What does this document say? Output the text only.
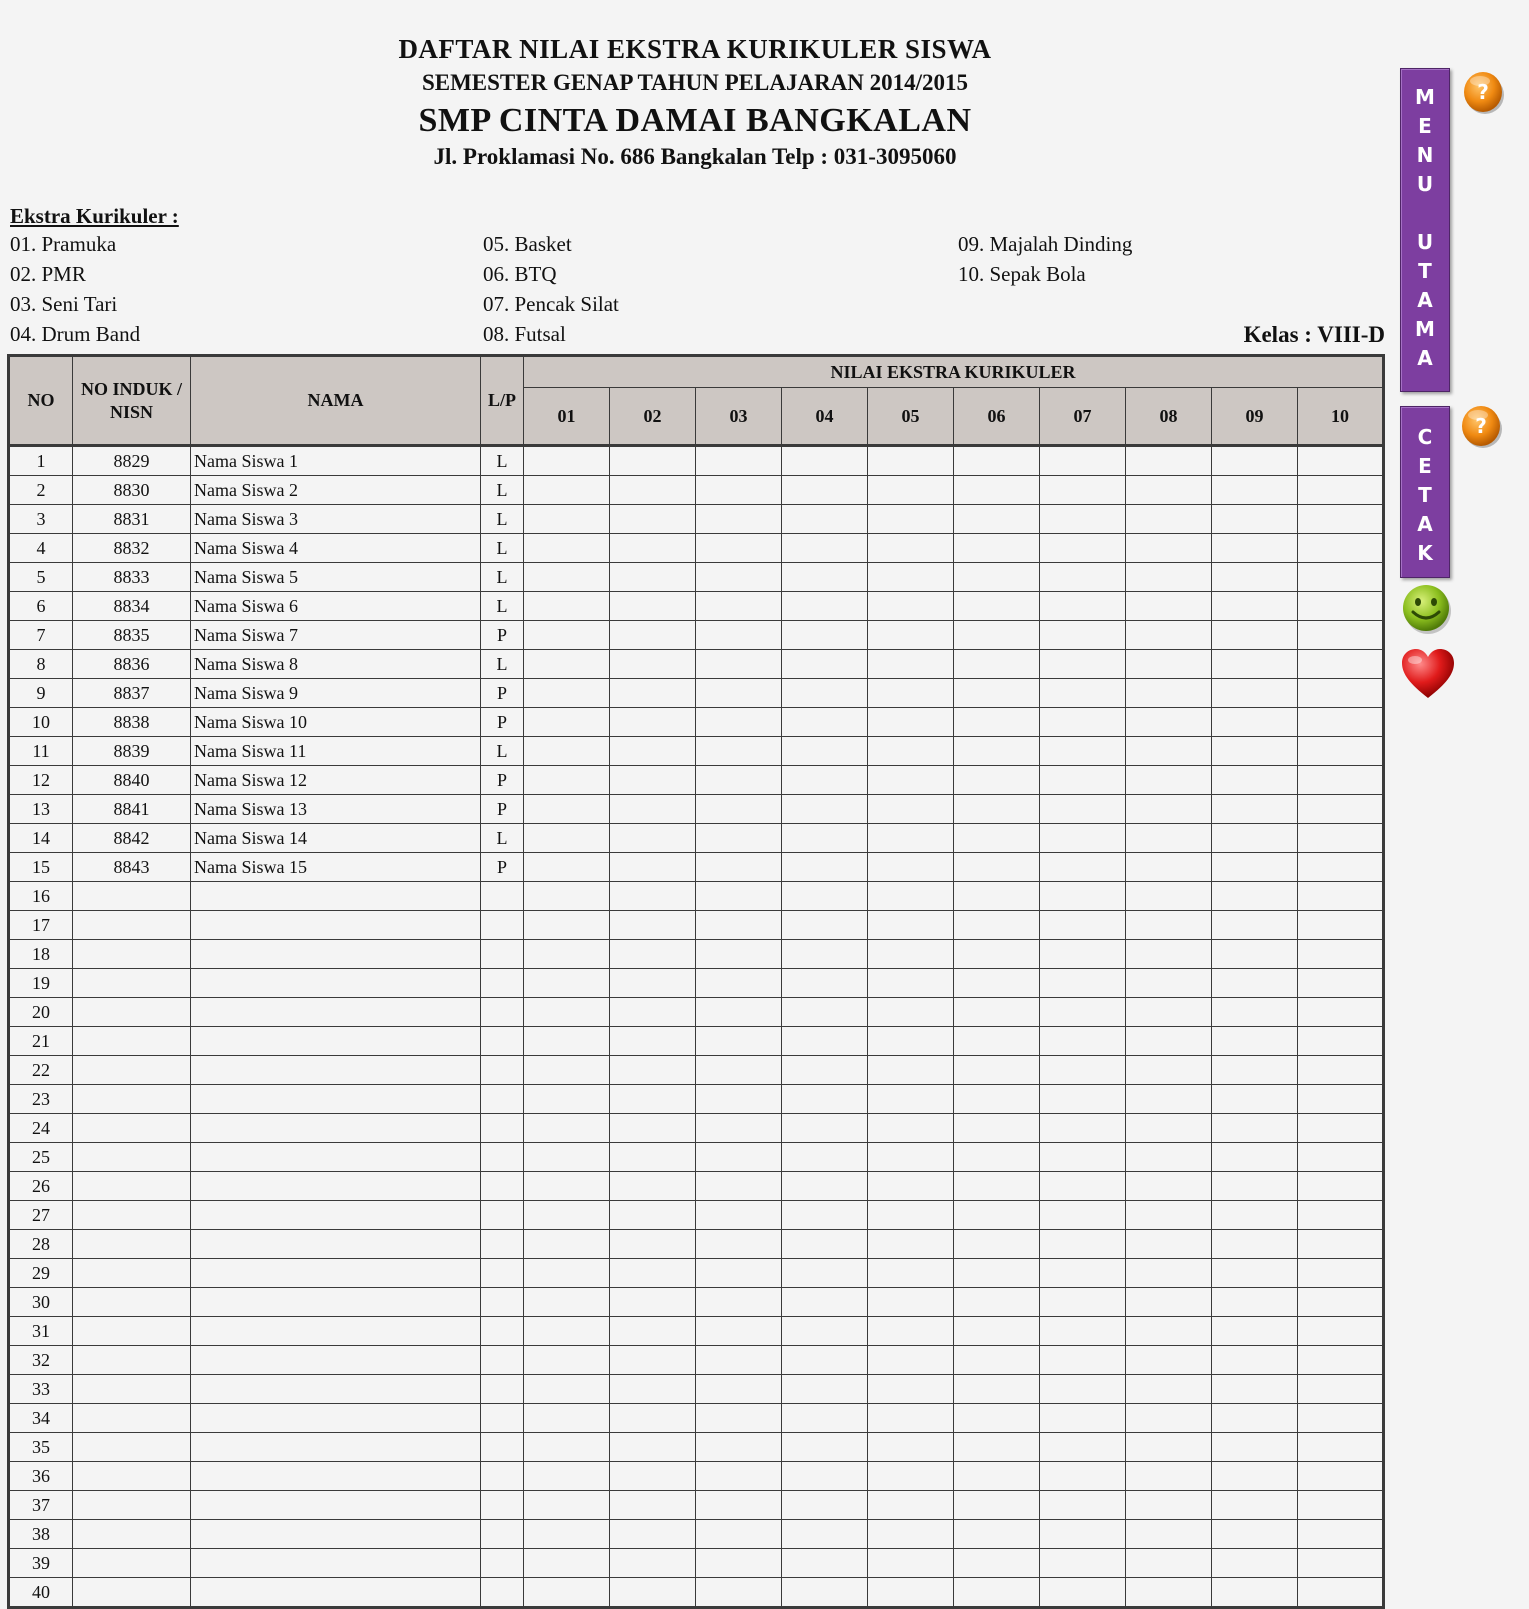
DAFTAR NILAI EKSTRA KURIKULER SISWA
SEMESTER GENAP TAHUN PELAJARAN 2014/2015
SMP CINTA DAMAI BANGKALAN
Jl. Proklamasi No. 686 Bangkalan Telp : 031-3095060
Ekstra Kurikuler :
01. Pramuka
02. PMR
03. Seni Tari
04. Drum Band
05. Basket
06. BTQ
07. Pencak Silat
08. Futsal
09. Majalah Dinding
10. Sepak Bola
Kelas : VIII-D
NO	NO INDUK / NISN	NAMA	L/P	NILAI EKSTRA KURIKULER									
				01	02	03	04	05	06	07	08	09	10
1	8829	Nama Siswa 1	L										
2	8830	Nama Siswa 2	L										
3	8831	Nama Siswa 3	L										
4	8832	Nama Siswa 4	L										
5	8833	Nama Siswa 5	L										
6	8834	Nama Siswa 6	L										
7	8835	Nama Siswa 7	P										
8	8836	Nama Siswa 8	L										
9	8837	Nama Siswa 9	P										
10	8838	Nama Siswa 10	P										
11	8839	Nama Siswa 11	L										
12	8840	Nama Siswa 12	P										
13	8841	Nama Siswa 13	P										
14	8842	Nama Siswa 14	L										
15	8843	Nama Siswa 15	P										
16													
17													
18													
19													
20													
21													
22													
23													
24													
25													
26													
27													
28													
29													
30													
31													
32													
33													
34													
35													
36													
37													
38													
39													
40													
M
E
N
U

U
T
A
M
A
C
E
T
A
K
?
?
